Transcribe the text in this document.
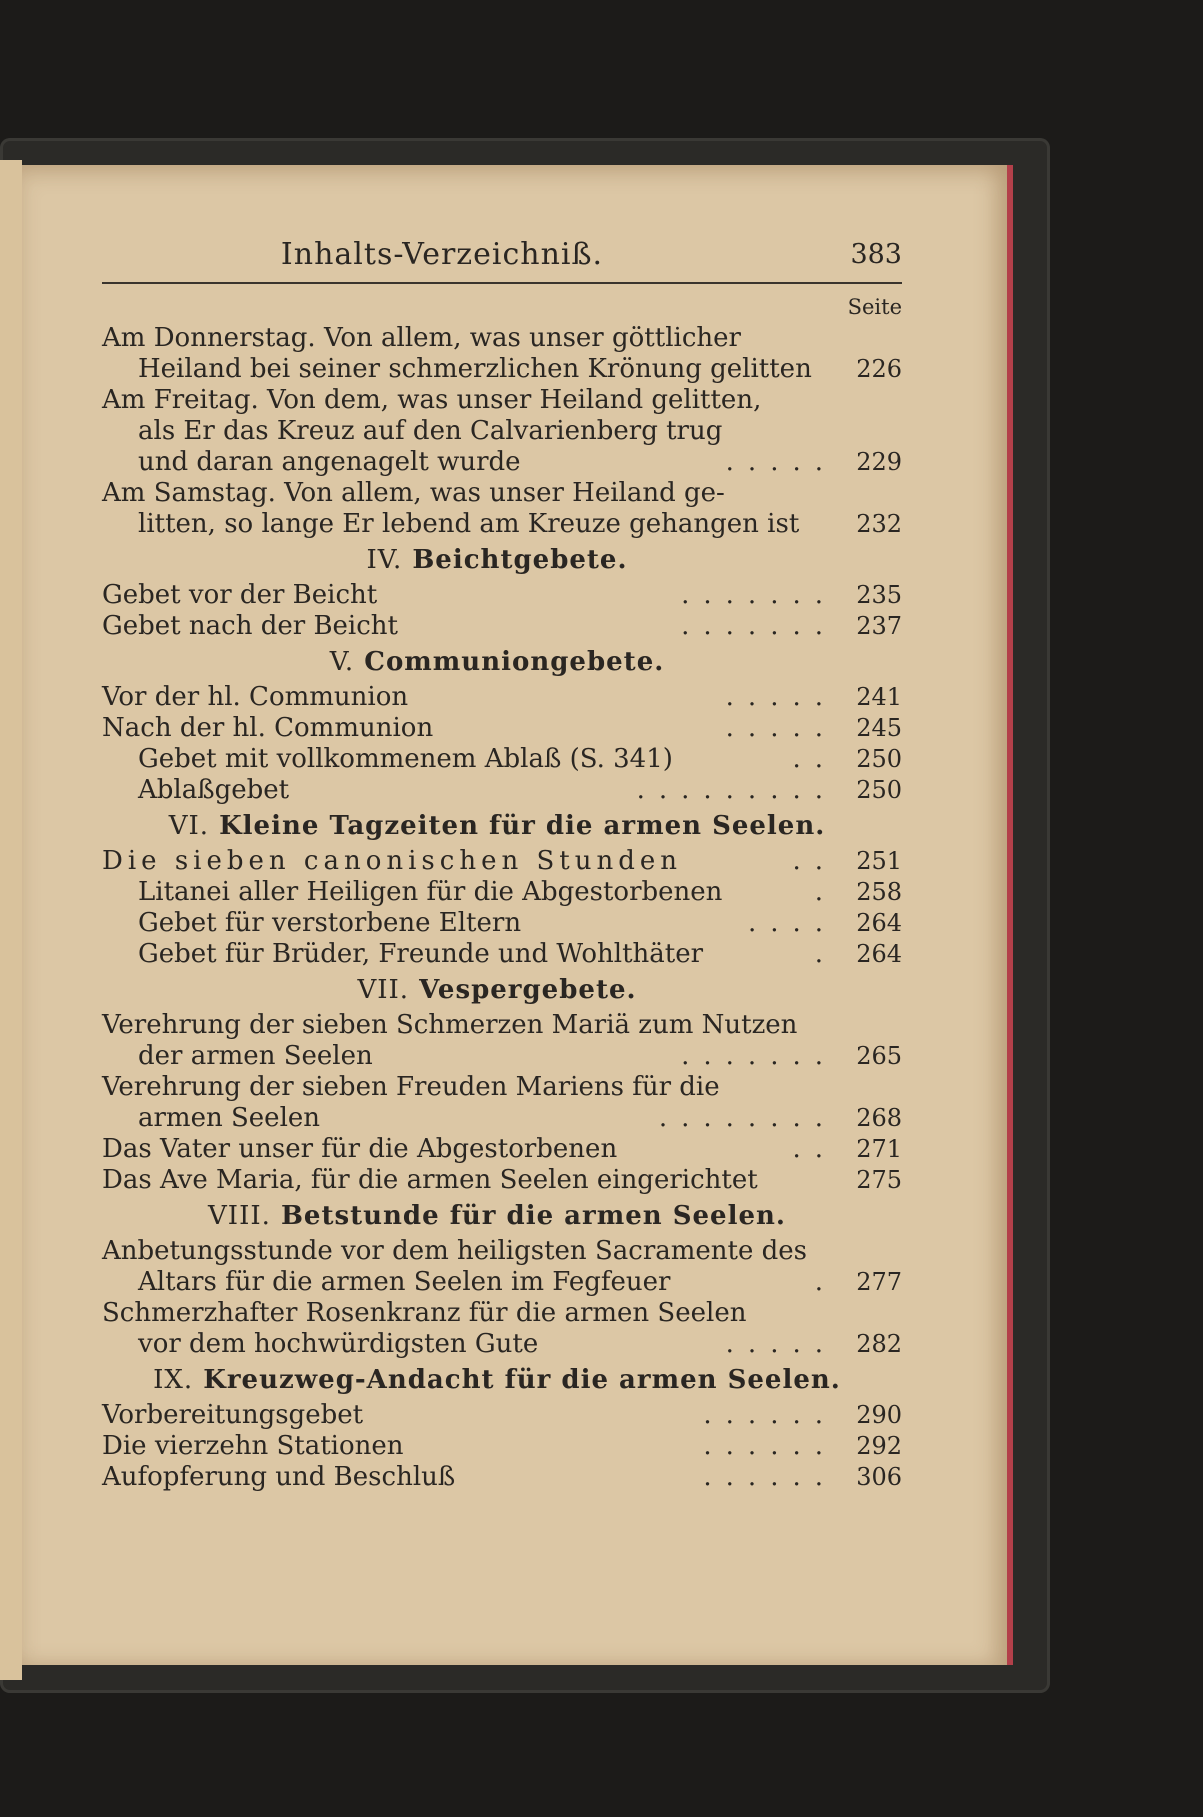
Inhalts-Verzeichniß.	383
Seite
Am Donnerstag. Von allem, was unser göttlicher
Heiland bei seiner schmerzlichen Krönung gelitten 226
Am Freitag. Von dem, was unser Heiland gelitten,
als Er das Kreuz auf den Calvarienberg trug
und daran angenagelt wurde	..... 229
Am Samstag. Von allem, was unser Heiland ge-
litten, so lange Er lebend am Kreuze gehangen ist 232
IV. Beichtgebete.
Gebet vor der Beicht	....... 235
Gebet nach der Beicht	....... 237
V. Communiongebete.
Vor der hl. Communion	..... 241
Nach der hl. Communion	..... 245
Gebet mit vollkommenem Ablaß (S. 341)	.. 250
Ablaßgebet	......... 250
VI. Kleine Tagzeiten für die armen Seelen.
Die sieben canonischen Stunden	.. 251
Litanei aller Heiligen für die Abgestorbenen	. 258
Gebet für verstorbene Eltern	.... 264
Gebet für Brüder, Freunde und Wohlthäter	. 264
VII. Vespergebete.
Verehrung der sieben Schmerzen Mariä zum Nutzen
der armen Seelen	....... 265
Verehrung der sieben Freuden Mariens für die
armen Seelen	........ 268
Das Vater unser für die Abgestorbenen	.. 271
Das Ave Maria, für die armen Seelen eingerichtet	275
VIII. Betstunde für die armen Seelen.
Anbetungsstunde vor dem heiligsten Sacramente des
Altars für die armen Seelen im Fegfeuer	. 277
Schmerzhafter Rosenkranz für die armen Seelen
vor dem hochwürdigsten Gute	..... 282
IX. Kreuzweg-Andacht für die armen Seelen.
Vorbereitungsgebet	...... 290
Die vierzehn Stationen	...... 292
Aufopferung und Beschluß	...... 306
